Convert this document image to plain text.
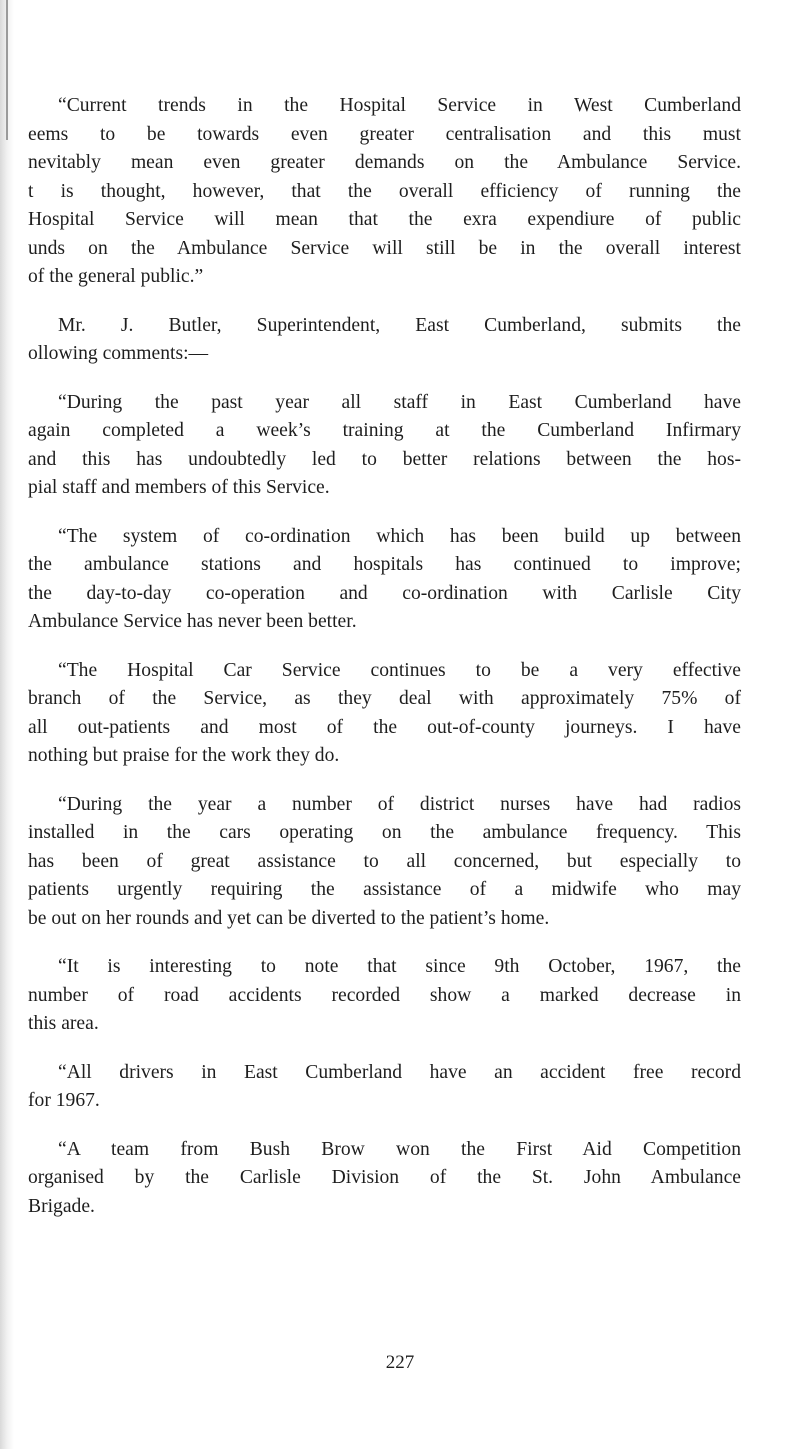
“Current trends in the Hospital Service in West Cumberland
eems to be towards even greater centralisation and this must
nevitably mean even greater demands on the Ambulance Service.
t is thought, however, that the overall efficiency of running the
Hospital Service will mean that the exra expendiure of public
unds on the Ambulance Service will still be in the overall interest
of the general public.”

Mr. J. Butler, Superintendent, East Cumberland, submits the
ollowing comments:—

“During the past year all staff in East Cumberland have
again completed a week’s training at the Cumberland Infirmary
and this has undoubtedly led to better relations between the hos-
pial staff and members of this Service.

“The system of co-ordination which has been build up between
the ambulance stations and hospitals has continued to improve;
the day-to-day co-operation and co-ordination with Carlisle City
Ambulance Service has never been better.

“The Hospital Car Service continues to be a very effective
branch of the Service, as they deal with approximately 75% of
all out-patients and most of the out-of-county journeys. I have
nothing but praise for the work they do.

“During the year a number of district nurses have had radios
installed in the cars operating on the ambulance frequency. This
has been of great assistance to all concerned, but especially to
patients urgently requiring the assistance of a midwife who may
be out on her rounds and yet can be diverted to the patient’s home.

“It is interesting to note that since 9th October, 1967, the
number of road accidents recorded show a marked decrease in
this area.

“All drivers in East Cumberland have an accident free record
for 1967.

“A team from Bush Brow won the First Aid Competition
organised by the Carlisle Division of the St. John Ambulance
Brigade.

227
